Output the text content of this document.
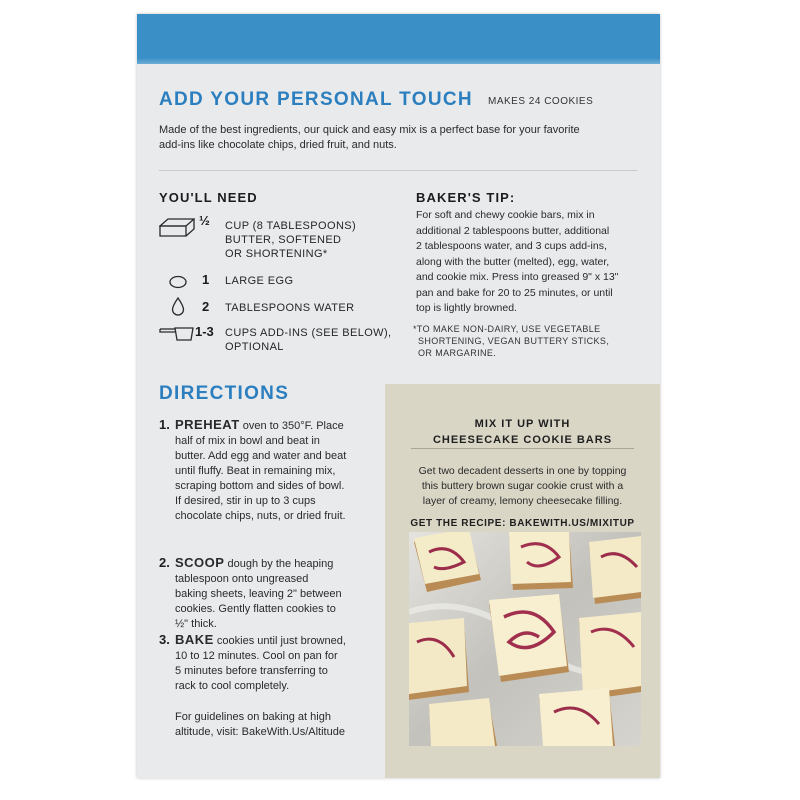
ADD YOUR PERSONAL TOUCH MAKES 24 COOKIES
Made of the best ingredients, our quick and easy mix is a perfect base for your favorite
add-ins like chocolate chips, dried fruit, and nuts.
YOU'LL NEED
½ CUP (8 TABLESPOONS)
BUTTER, SOFTENED
OR SHORTENING*
1 LARGE EGG
2 TABLESPOONS WATER
1-3 CUPS ADD-INS (SEE BELOW),
OPTIONAL
BAKER'S TIP:
For soft and chewy cookie bars, mix in
additional 2 tablespoons butter, additional
2 tablespoons water, and 3 cups add-ins,
along with the butter (melted), egg, water,
and cookie mix. Press into greased 9" x 13"
pan and bake for 20 to 25 minutes, or until
top is lightly browned.
*TO MAKE NON-DAIRY, USE VEGETABLE
SHORTENING, VEGAN BUTTERY STICKS,
OR MARGARINE.
DIRECTIONS
1. PREHEAT oven to 350°F. Place
half of mix in bowl and beat in
butter. Add egg and water and beat
until fluffy. Beat in remaining mix,
scraping bottom and sides of bowl.
If desired, stir in up to 3 cups
chocolate chips, nuts, or dried fruit.
2. SCOOP dough by the heaping
tablespoon onto ungreased
baking sheets, leaving 2" between
cookies. Gently flatten cookies to
½" thick.
3. BAKE cookies until just browned,
10 to 12 minutes. Cool on pan for
5 minutes before transferring to
rack to cool completely.
For guidelines on baking at high
altitude, visit: BakeWith.Us/Altitude
MIX IT UP WITH
CHEESECAKE COOKIE BARS
Get two decadent desserts in one by topping
this buttery brown sugar cookie crust with a
layer of creamy, lemony cheesecake filling.
GET THE RECIPE: BAKEWITH.US/MIXITUP
